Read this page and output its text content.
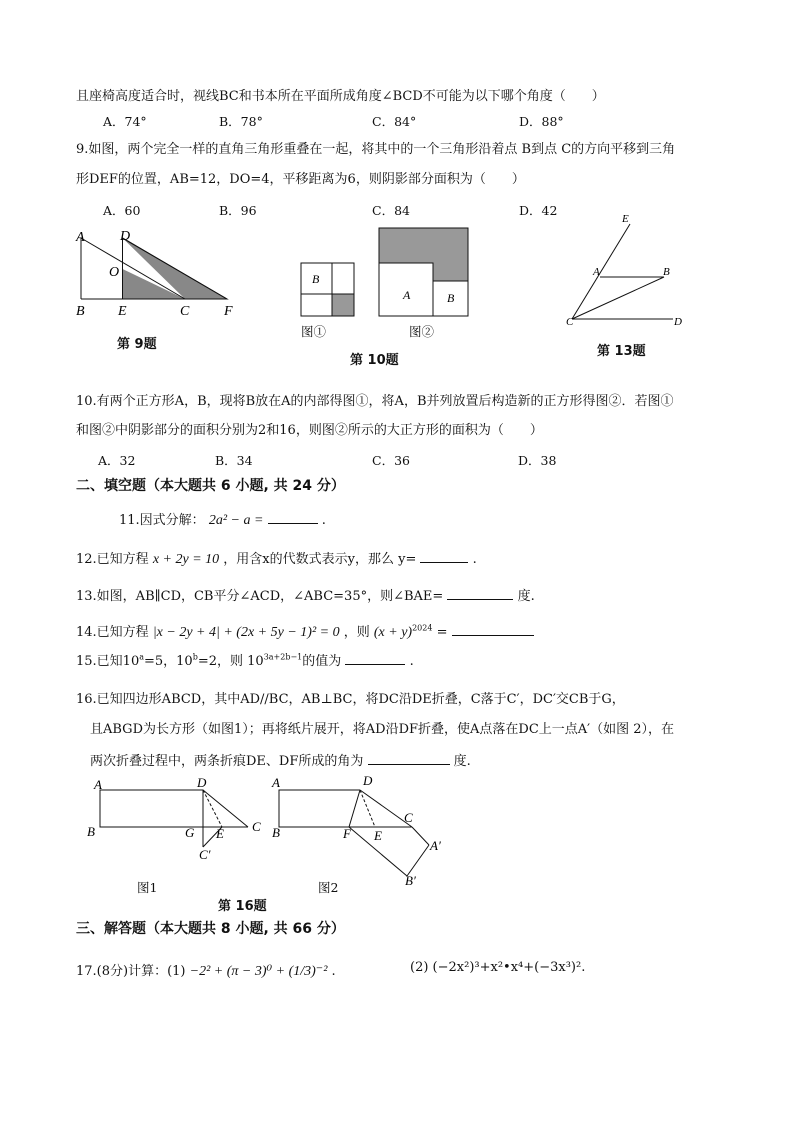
且座椅高度适合时，视线BC和书本所在平面所成角度∠BCD不可能为以下哪个角度（　　）
A．74°	B．78°	C．84°	D．88°
9.如图，两个完全一样的直角三角形重叠在一起，将其中的一个三角形沿着点 B到点 C的方向平移到三角
形DEF的位置，AB=12，DO=4，平移距离为6，则阴影部分面积为（　　）
A．60	B．96	C．84	D．42
A	D
O
B E	C F
第 9题
B
A	B
图①	图②
第 10题
E
A	B
C	D
第 13题
10.有两个正方形A，B，现将B放在A的内部得图①，将A，B并列放置后构造新的正方形得图②．若图①
和图②中阴影部分的面积分别为2和16，则图②所示的大正方形的面积为（　　）
A．32	B．34	C．36	D．38
二、填空题（本大题共 6 小题, 共 24 分）
11.因式分解： 2a² − a =	.
12.已知方程 x + 2y = 10 ，用含x的代数式表示y，那么 y=	.
13.如图，AB∥CD，CB平分∠ACD，∠ABC=35°，则∠BAE=	度.
14.已知方程 |x − 2y + 4| + (2x + 5y − 1)² = 0 ，则 $(x + y)^{2024}$ =
15.已知$10^a=5$，$10^b=2$，则 $10^{3a+2b-1}$的值为	.
16.已知四边形ABCD，其中AD//BC，AB⊥BC，将DC沿DE折叠，C落于C′，DC′交CB于G，
且ABGD为长方形（如图1）；再将纸片展开，将AD沿DF折叠，使A点落在DC上一点A′（如图 2），在
两次折叠过程中，两条折痕DE、DF所成的角为	度.
A	D
B	G E C
C′
图1
A	D
B	F E
C
A′
B′
图2
第 16题
三、解答题（本大题共 8 小题, 共 66 分）
17.(8分)计算：(1) −2² + (π − 3)⁰ + (1/3)⁻² .	(2) (−2x²)³+x²•x⁴+(−3x³)².
